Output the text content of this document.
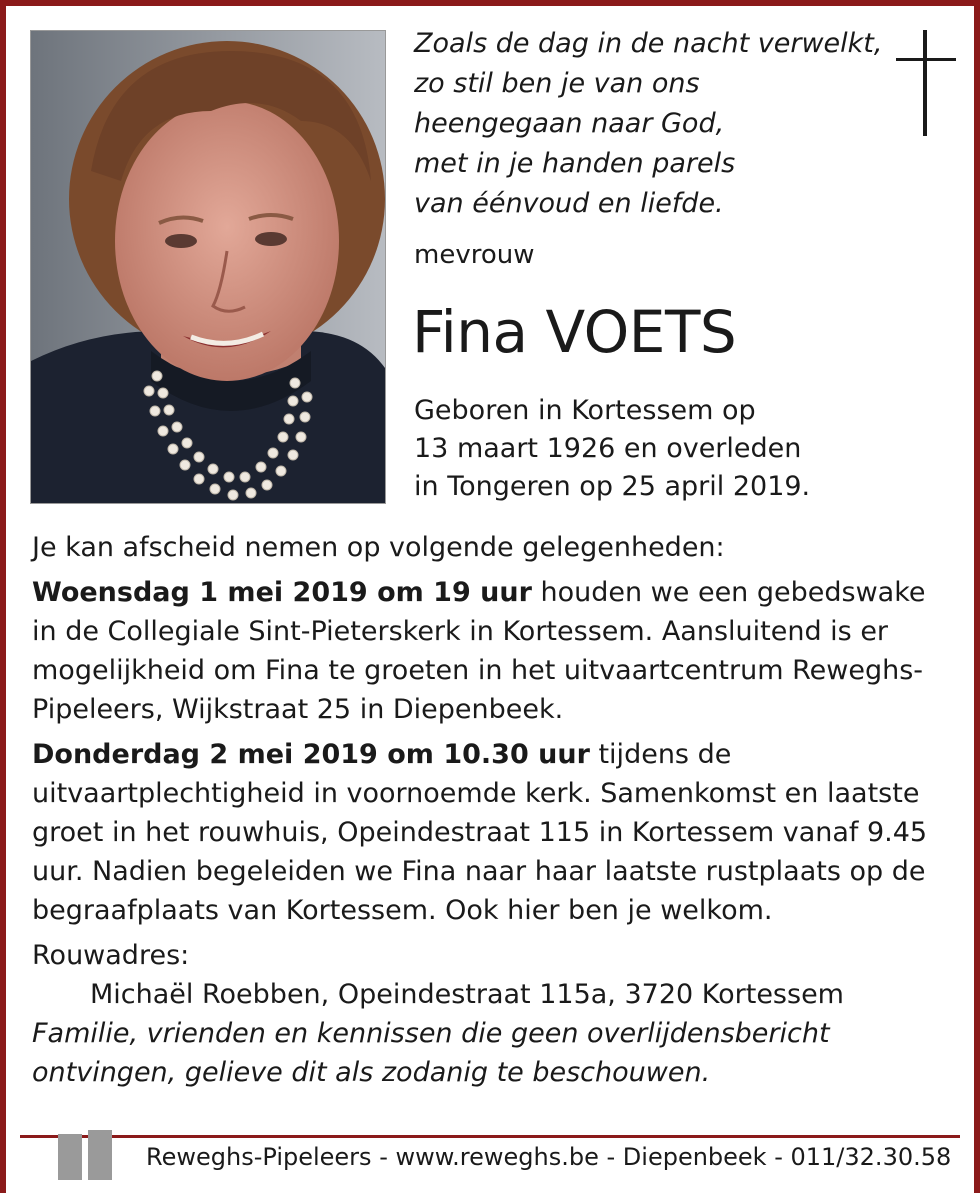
Zoals de dag in de nacht verwelkt,
zo stil ben je van ons
heengegaan naar God,
met in je handen parels
van éénvoud en liefde.
mevrouw
Fina VOETS
Geboren in Kortessem op
13 maart 1926 en overleden
in Tongeren op 25 april 2019.

Je kan afscheid nemen op volgende gelegenheden:

Woensdag 1 mei 2019 om 19 uur houden we een gebedswake in de Collegiale Sint-Pieterskerk in Kortessem. Aansluitend is er mogelijkheid om Fina te groeten in het uitvaartcentrum Reweghs-Pipeleers, Wijkstraat 25 in Diepenbeek.

Donderdag 2 mei 2019 om 10.30 uur tijdens de uitvaartplechtigheid in voornoemde kerk. Samenkomst en laatste groet in het rouwhuis, Opeindestraat 115 in Kortessem vanaf 9.45 uur. Nadien begeleiden we Fina naar haar laatste rustplaats op de begraafplaats van Kortessem. Ook hier ben je welkom.

Rouwadres:

Michaël Roebben, Opeindestraat 115a, 3720 Kortessem

Familie, vrienden en kennissen die geen overlijdensbericht ontvingen, gelieve dit als zodanig te beschouwen.

Reweghs-Pipeleers - www.reweghs.be - Diepenbeek - 011/32.30.58
